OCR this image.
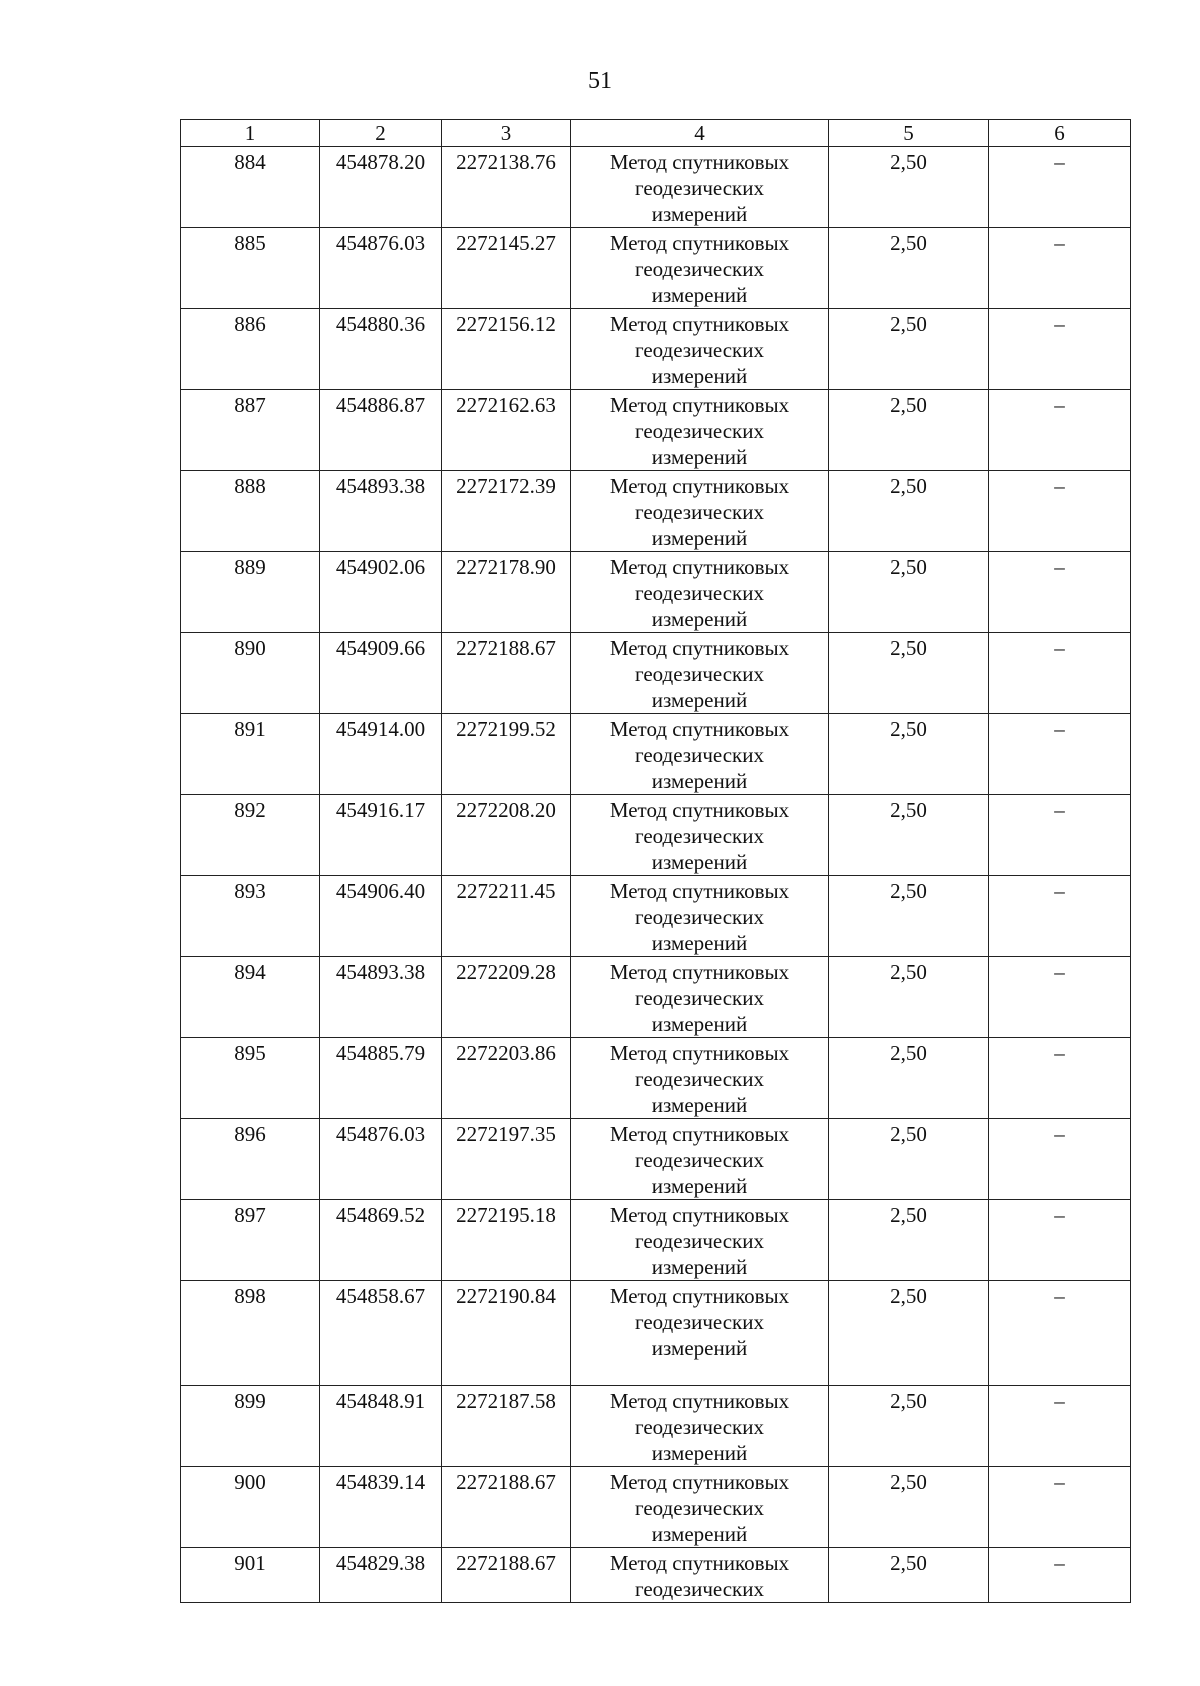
51
1	2	3	4	5	6
884	454878.20	2272138.76	Метод спутниковых
геодезических
измерений	2,50	–
885	454876.03	2272145.27	Метод спутниковых
геодезических
измерений	2,50	–
886	454880.36	2272156.12	Метод спутниковых
геодезических
измерений	2,50	–
887	454886.87	2272162.63	Метод спутниковых
геодезических
измерений	2,50	–
888	454893.38	2272172.39	Метод спутниковых
геодезических
измерений	2,50	–
889	454902.06	2272178.90	Метод спутниковых
геодезических
измерений	2,50	–
890	454909.66	2272188.67	Метод спутниковых
геодезических
измерений	2,50	–
891	454914.00	2272199.52	Метод спутниковых
геодезических
измерений	2,50	–
892	454916.17	2272208.20	Метод спутниковых
геодезических
измерений	2,50	–
893	454906.40	2272211.45	Метод спутниковых
геодезических
измерений	2,50	–
894	454893.38	2272209.28	Метод спутниковых
геодезических
измерений	2,50	–
895	454885.79	2272203.86	Метод спутниковых
геодезических
измерений	2,50	–
896	454876.03	2272197.35	Метод спутниковых
геодезических
измерений	2,50	–
897	454869.52	2272195.18	Метод спутниковых
геодезических
измерений	2,50	–
898	454858.67	2272190.84	Метод спутниковых
геодезических
измерений	2,50	–
899	454848.91	2272187.58	Метод спутниковых
геодезических
измерений	2,50	–
900	454839.14	2272188.67	Метод спутниковых
геодезических
измерений	2,50	–
901	454829.38	2272188.67	Метод спутниковых
геодезических	2,50	–
